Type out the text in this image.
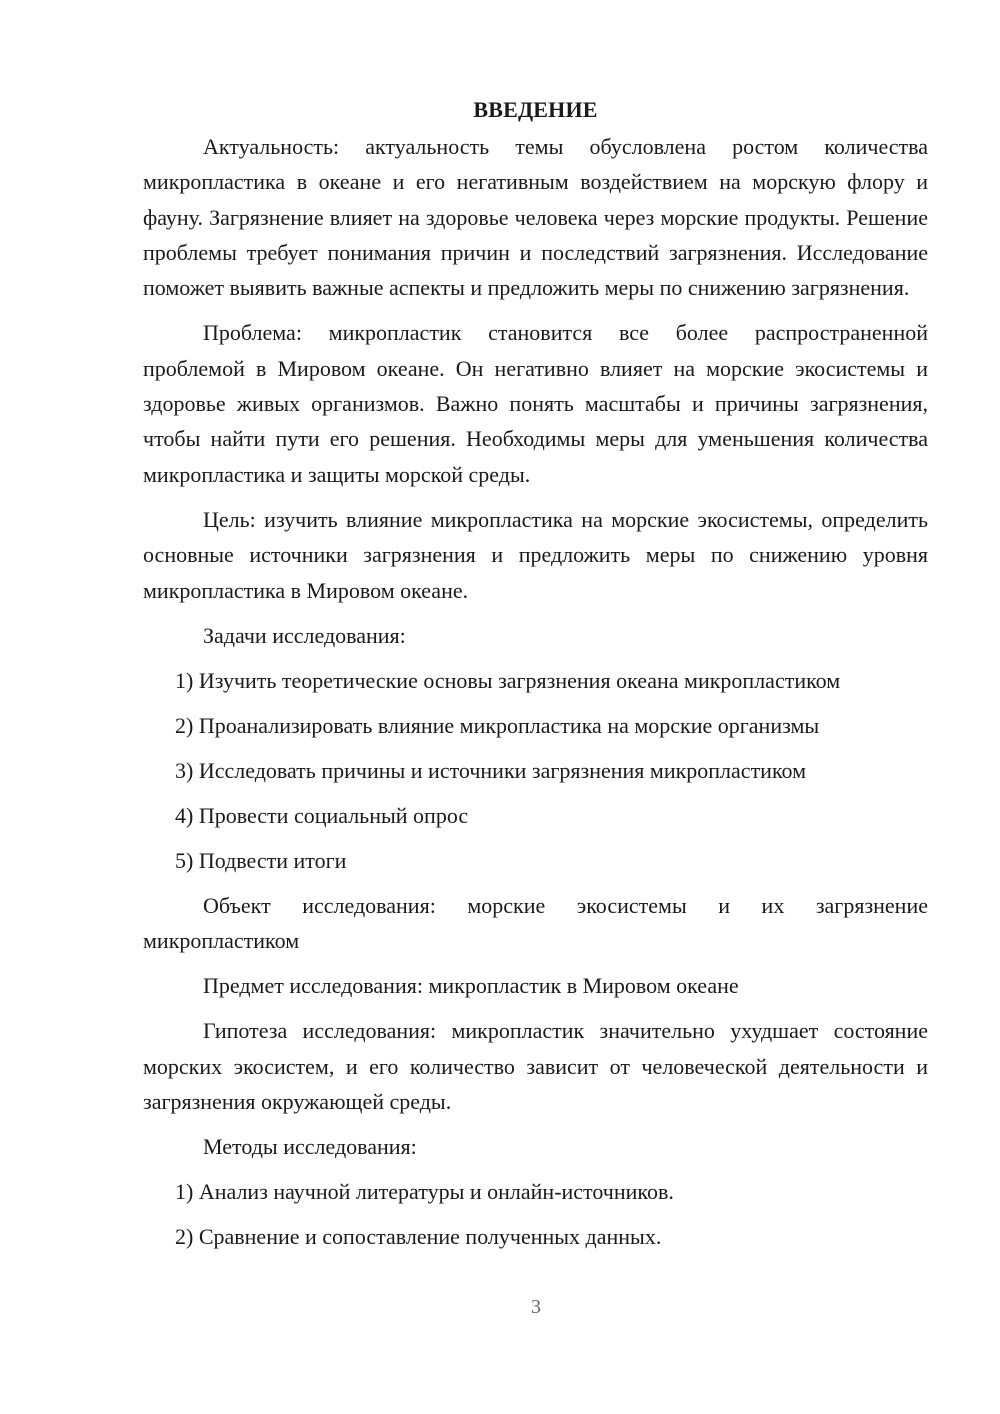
ВВЕДЕНИЕ

Актуальность: актуальность темы обусловлена ростом количества микропластика в океане и его негативным воздействием на морскую флору и фауну. Загрязнение влияет на здоровье человека через морские продукты. Решение проблемы требует понимания причин и последствий загрязнения. Исследование поможет выявить важные аспекты и предложить меры по снижению загрязнения.

Проблема: микропластик становится все более распространенной проблемой в Мировом океане. Он негативно влияет на морские экосистемы и здоровье живых организмов. Важно понять масштабы и причины загрязнения, чтобы найти пути его решения. Необходимы меры для уменьшения количества микропластика и защиты морской среды.

Цель: изучить влияние микропластика на морские экосистемы, определить основные источники загрязнения и предложить меры по снижению уровня микропластика в Мировом океане.

Задачи исследования:
1) Изучить теоретические основы загрязнения океана микропластиком
2) Проанализировать влияние микропластика на морские организмы
3) Исследовать причины и источники загрязнения микропластиком
4) Провести социальный опрос
5) Подвести итоги

Объект исследования: морские экосистемы и их загрязнение микропластиком

Предмет исследования: микропластик в Мировом океане

Гипотеза исследования: микропластик значительно ухудшает состояние морских экосистем, и его количество зависит от человеческой деятельности и загрязнения окружающей среды.

Методы исследования:
1) Анализ научной литературы и онлайн-источников.
2) Сравнение и сопоставление полученных данных.
3
